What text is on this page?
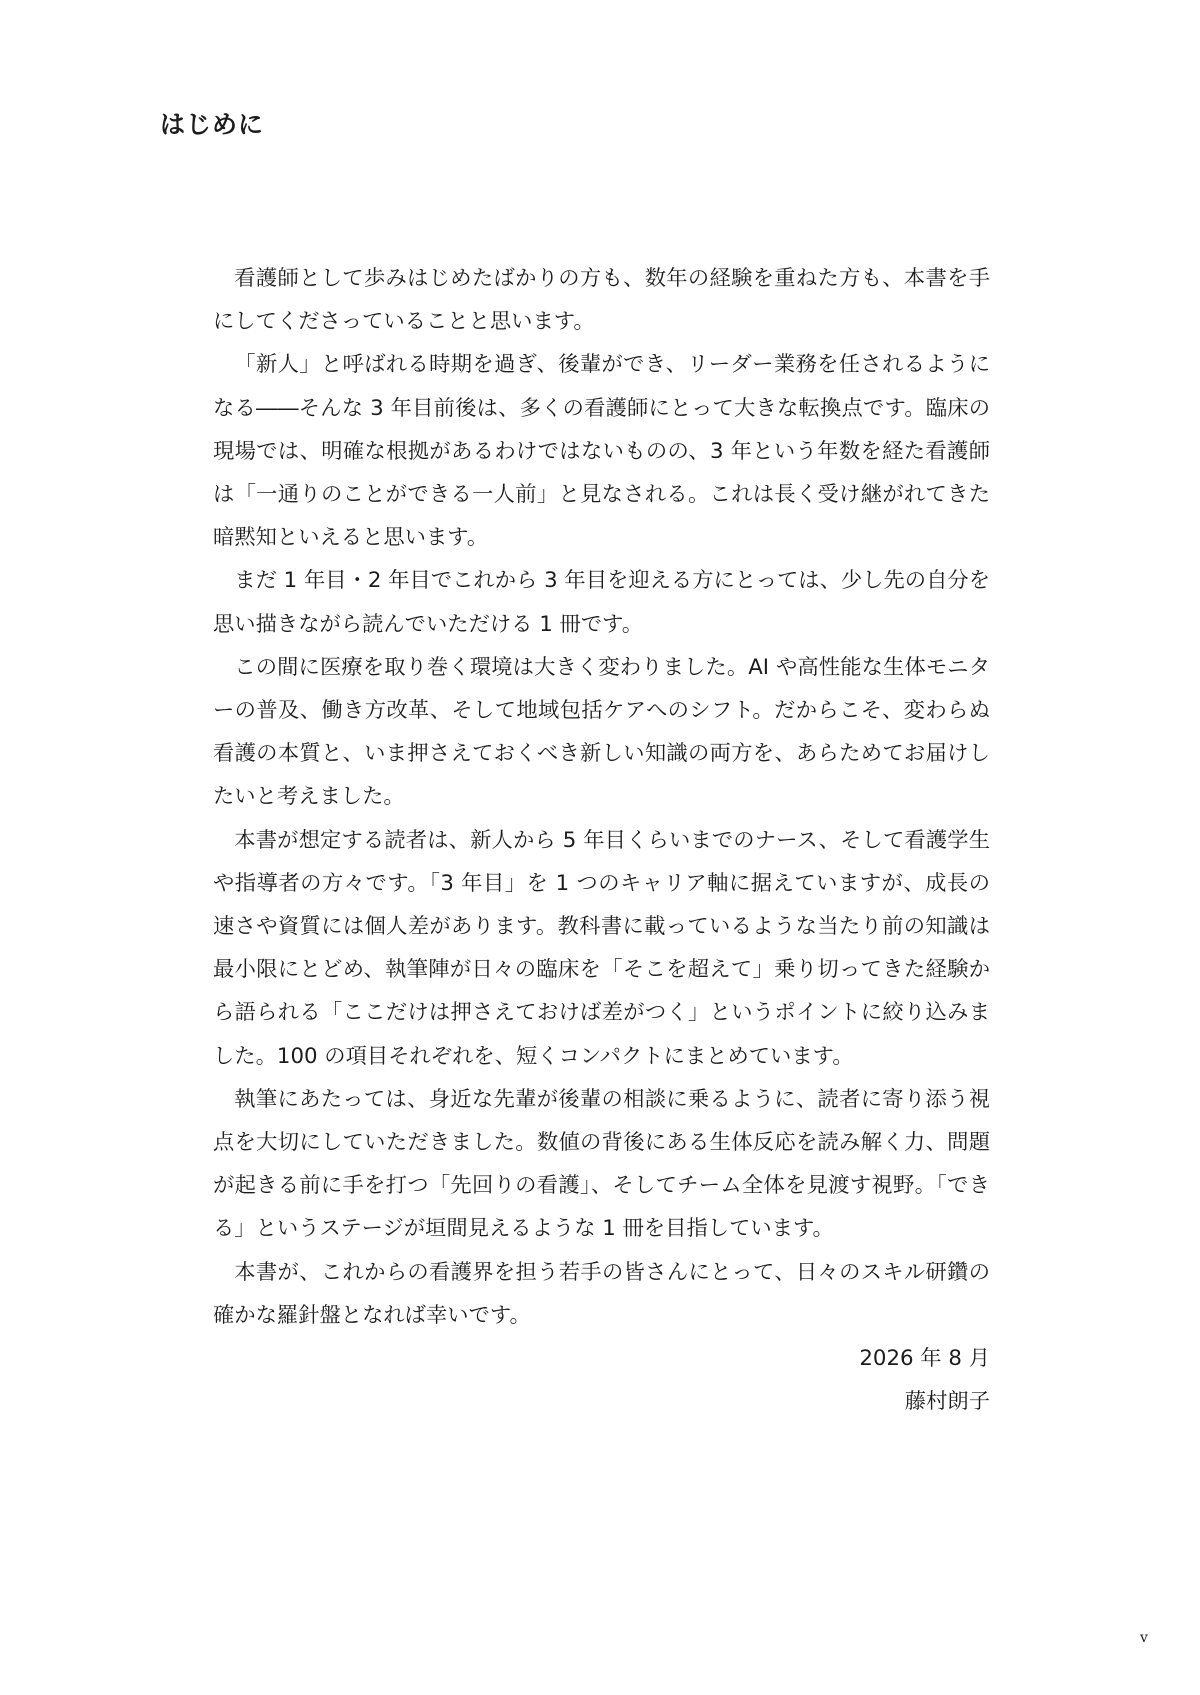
はじめに

看護師として歩みはじめたばかりの方も、数年の経験を重ねた方も、本書を手にしてくださっていることと思います。

「新人」と呼ばれる時期を過ぎ、後輩ができ、リーダー業務を任されるようになる――そんな 3 年目前後は、多くの看護師にとって大きな転換点です。臨床の現場では、明確な根拠があるわけではないものの、3 年という年数を経た看護師は「一通りのことができる一人前」と見なされる。これは長く受け継がれてきた暗黙知といえると思います。

まだ 1 年目・2 年目でこれから 3 年目を迎える方にとっては、少し先の自分を思い描きながら読んでいただける 1 冊です。

この間に医療を取り巻く環境は大きく変わりました。AI や高性能な生体モニターの普及、働き方改革、そして地域包括ケアへのシフト。だからこそ、変わらぬ看護の本質と、いま押さえておくべき新しい知識の両方を、あらためてお届けしたいと考えました。

本書が想定する読者は、新人から 5 年目くらいまでのナース、そして看護学生や指導者の方々です。「3 年目」を 1 つのキャリア軸に据えていますが、成長の速さや資質には個人差があります。教科書に載っているような当たり前の知識は最小限にとどめ、執筆陣が日々の臨床を「そこを超えて」乗り切ってきた経験から語られる「ここだけは押さえておけば差がつく」というポイントに絞り込みました。100 の項目それぞれを、短くコンパクトにまとめています。

執筆にあたっては、身近な先輩が後輩の相談に乗るように、読者に寄り添う視点を大切にしていただきました。数値の背後にある生体反応を読み解く力、問題が起きる前に手を打つ「先回りの看護」、そしてチーム全体を見渡す視野。「できる」というステージが垣間見えるような 1 冊を目指しています。

本書が、これからの看護界を担う若手の皆さんにとって、日々のスキル研鑽の確かな羅針盤となれば幸いです。

2026 年 8 月

藤村朗子

v
